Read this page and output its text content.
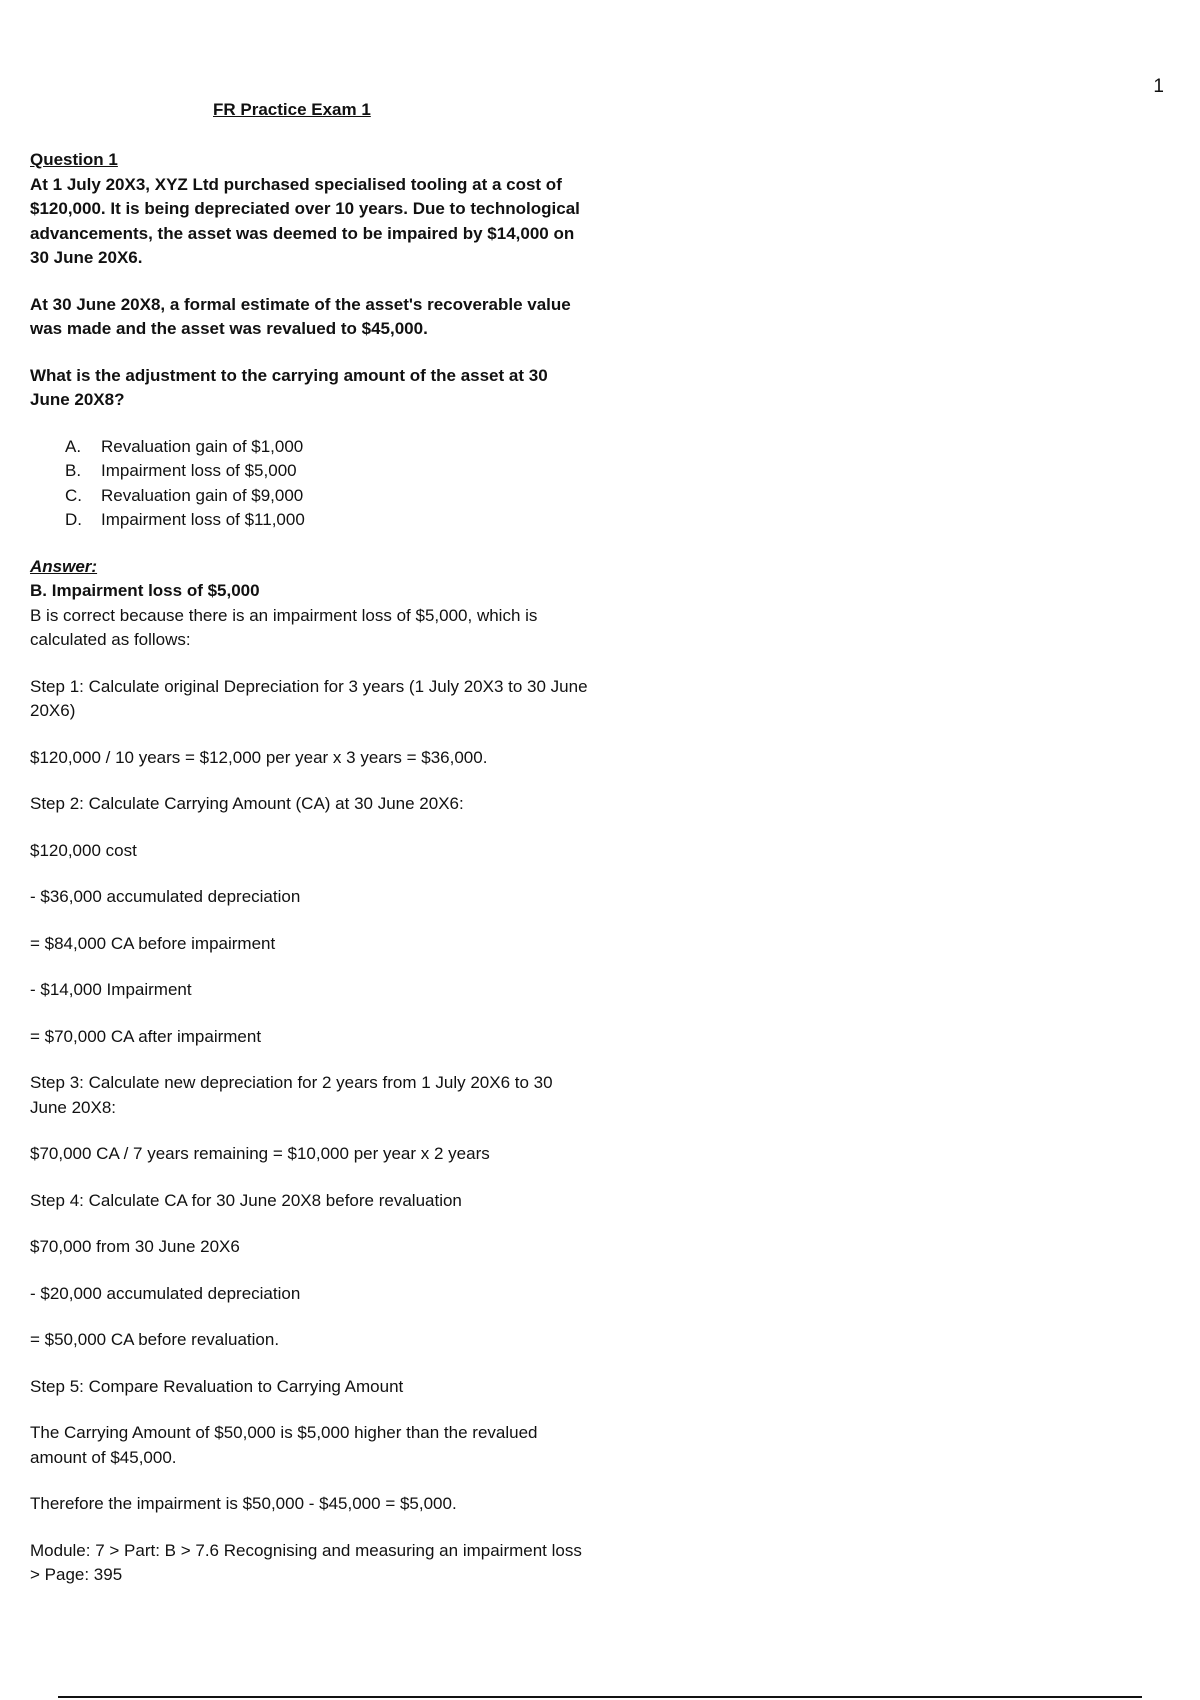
1
FR Practice Exam 1
Question 1

At 1 July 20X3, XYZ Ltd purchased specialised tooling at a cost of $120,000. It is being depreciated over 10 years. Due to technological advancements, the asset was deemed to be impaired by $14,000 on 30 June 20X6.

At 30 June 20X8, a formal estimate of the asset's recoverable value was made and the asset was revalued to $45,000.

What is the adjustment to the carrying amount of the asset at 30 June 20X8?

A.	Revaluation gain of $1,000
B.	Impairment loss of $5,000
C.	Revaluation gain of $9,000
D.	Impairment loss of $11,000
Answer:
B. Impairment loss of $5,000

B is correct because there is an impairment loss of $5,000, which is calculated as follows:

Step 1: Calculate original Depreciation for 3 years (1 July 20X3 to 30 June 20X6)

$120,000 / 10 years = $12,000 per year x 3 years = $36,000.

Step 2: Calculate Carrying Amount (CA) at 30 June 20X6:

$120,000 cost

- $36,000 accumulated depreciation

= $84,000 CA before impairment

- $14,000 Impairment

= $70,000 CA after impairment

Step 3: Calculate new depreciation for 2 years from 1 July 20X6 to 30 June 20X8:

$70,000 CA / 7 years remaining = $10,000 per year x 2 years

Step 4: Calculate CA for 30 June 20X8 before revaluation

$70,000 from 30 June 20X6

- $20,000 accumulated depreciation

= $50,000 CA before revaluation.

Step 5: Compare Revaluation to Carrying Amount

The Carrying Amount of $50,000 is $5,000 higher than the revalued amount of $45,000.

Therefore the impairment is $50,000 - $45,000 = $5,000.

Module: 7 > Part: B > 7.6 Recognising and measuring an impairment loss > Page: 395
